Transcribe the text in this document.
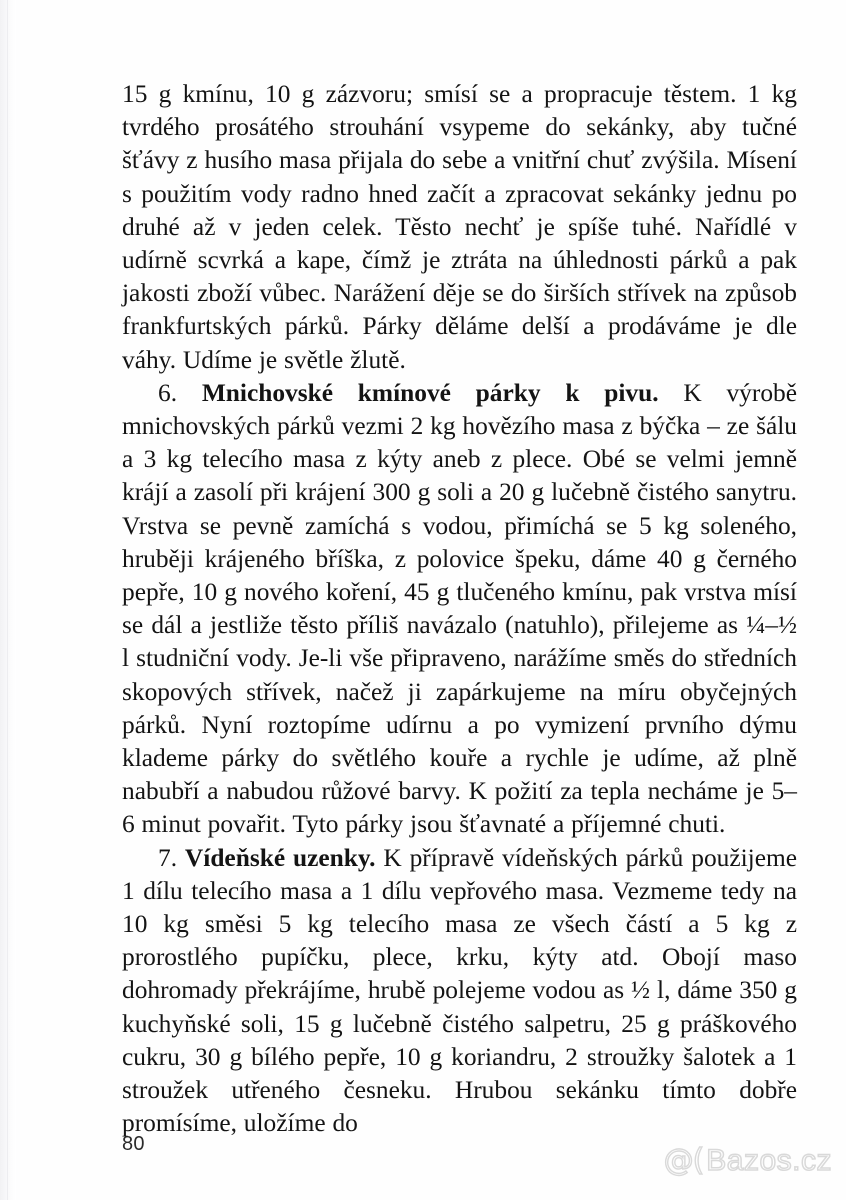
15 g kmínu, 10 g zázvoru; smísí se a propracuje těstem. 1 kg tvrdého prosátého strouhání vsypeme do sekánky, aby tučné šťávy z husího masa přijala do sebe a vnitřní chuť zvýšila. Mísení s použitím vody radno hned začít a zpracovat sekánky jednu po druhé až v jeden celek. Těsto nechť je spíše tuhé. Nařídlé v udírně scvrká a kape, čímž je ztráta na úhlednosti párků a pak jakosti zboží vůbec. Narážení děje se do širších střívek na způsob frankfurtských párků. Párky děláme delší a prodáváme je dle váhy. Udíme je světle žlutě.

6. Mnichovské kmínové párky k pivu. K výrobě mnichovských párků vezmi 2 kg hovězího masa z býčka – ze šálu a 3 kg telecího masa z kýty aneb z plece. Obé se velmi jemně krájí a zasolí při krájení 300 g soli a 20 g lučebně čistého sanytru. Vrstva se pevně zamíchá s vodou, přimíchá se 5 kg soleného, hruběji krájeného bříška, z polovice špeku, dáme 40 g černého pepře, 10 g nového koření, 45 g tlučeného kmínu, pak vrstva mísí se dál a jestliže těsto příliš navázalo (natuhlo), přilejeme as ¼–½ l studniční vody. Je-li vše připraveno, narážíme směs do středních skopových střívek, načež ji zapárkujeme na míru obyčejných párků. Nyní roztopíme udírnu a po vymizení prvního dýmu klademe párky do světlého kouře a rychle je udíme, až plně nabubří a nabudou růžové barvy. K požití za tepla necháme je 5–6 minut povařit. Tyto párky jsou šťavnaté a příjemné chuti.

7. Vídeňské uzenky. K přípravě vídeňských párků použijeme 1 dílu telecího masa a 1 dílu vepřového masa. Vezmeme tedy na 10 kg směsi 5 kg telecího masa ze všech částí a 5 kg z prorostlého pupíčku, plece, krku, kýty atd. Obojí maso dohromady překrájíme, hrubě polejeme vodou as ½ l, dáme 350 g kuchyňské soli, 15 g lučebně čistého salpetru, 25 g práškového cukru, 30 g bílého pepře, 10 g koriandru, 2 stroužky šalotek a 1 stroužek utřeného česneku. Hrubou sekánku tímto dobře promísíme, uložíme do

80	@( Bazos.cz
